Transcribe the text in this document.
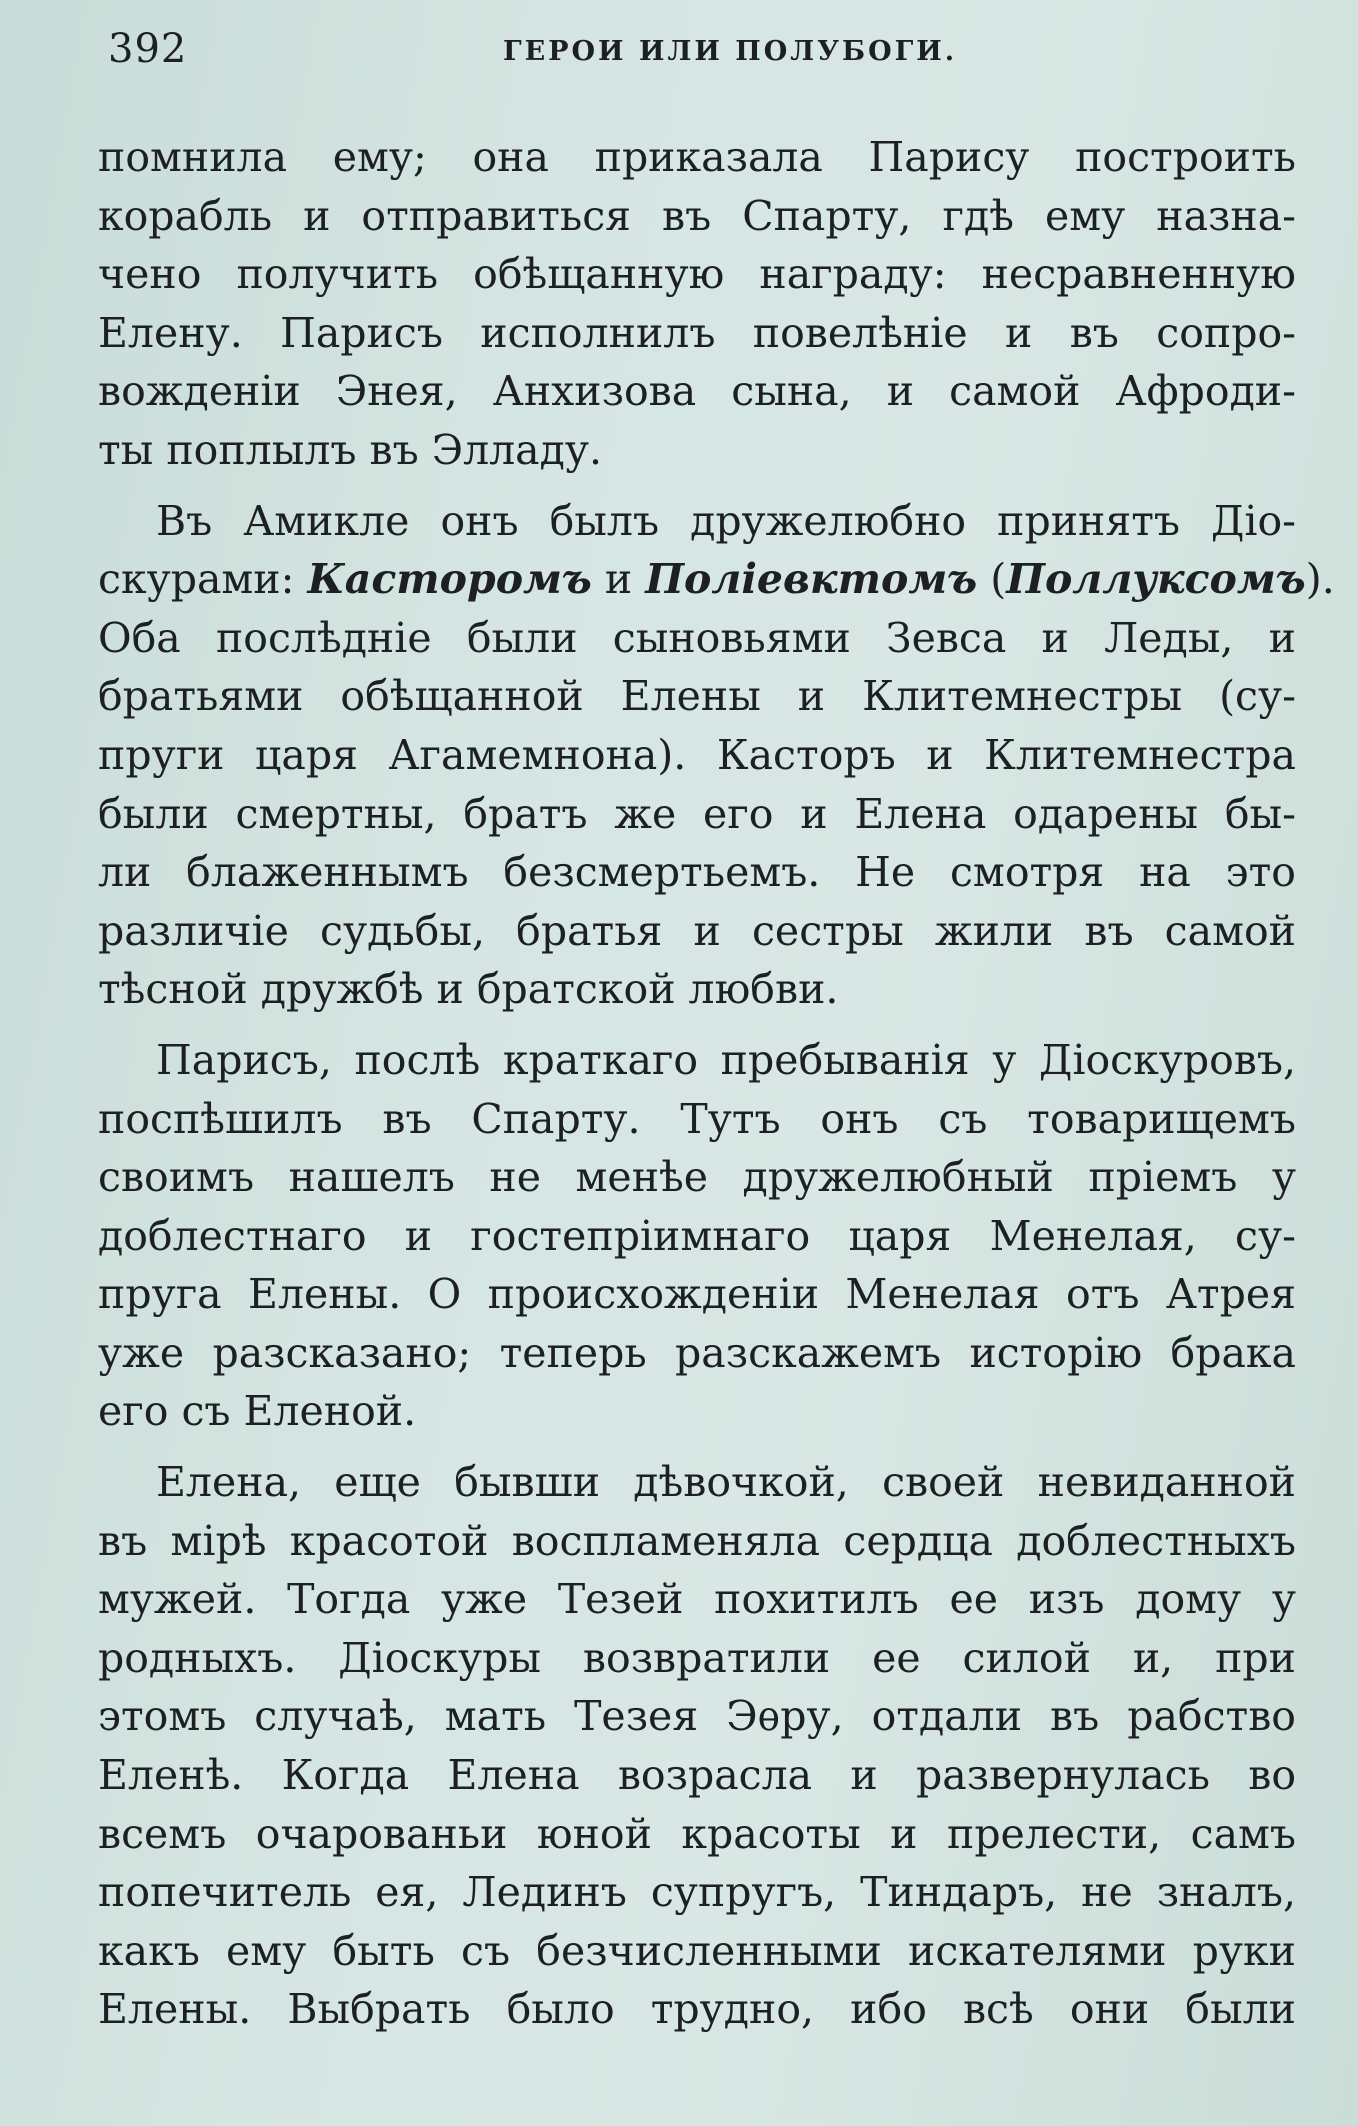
392	ГЕРОИ ИЛИ ПОЛУБОГИ.
помнила ему; она приказала Парису построить
корабль и отправиться въ Спарту, гдѣ ему назна-
чено получить обѣщанную награду: несравненную
Елену. Парисъ исполнилъ повелѣніе и въ сопро-
вожденіи Энея, Анхизова сына, и самой Афроди-
ты поплылъ въ Элладу.
Въ Амикле онъ былъ дружелюбно принятъ Діо-
скурами: Касторомъ и Полiевктомъ (Поллуксомъ).
Оба послѣдніе были сыновьями Зевса и Леды, и
братьями обѣщанной Елены и Клитемнестры (су-
пруги царя Агамемнона). Касторъ и Клитемнестра
были смертны, братъ же его и Елена одарены бы-
ли блаженнымъ безсмертьемъ. Не смотря на это
различіе судьбы, братья и сестры жили въ самой
тѣсной дружбѣ и братской любви.
Парисъ, послѣ краткаго пребыванія у Діоскуровъ,
поспѣшилъ въ Спарту. Тутъ онъ съ товарищемъ
своимъ нашелъ не менѣе дружелюбный пріемъ у
доблестнаго и гостепріимнаго царя Менелая, су-
пруга Елены. О происхожденіи Менелая отъ Атрея
уже разсказано; теперь разскажемъ исторію брака
его съ Еленой.
Елена, еще бывши дѣвочкой, своей невиданной
въ мірѣ красотой воспламеняла сердца доблестныхъ
мужей. Тогда уже Тезей похитилъ ее изъ дому у
родныхъ. Діоскуры возвратили ее силой и, при
этомъ случаѣ, мать Тезея Эѳру, отдали въ рабство
Еленѣ. Когда Елена возрасла и развернулась во
всемъ очарованьи юной красоты и прелести, самъ
попечитель ея, Лединъ супругъ, Тиндаръ, не зналъ,
какъ ему быть съ безчисленными искателями руки
Елены. Выбрать было трудно, ибо всѣ они были
